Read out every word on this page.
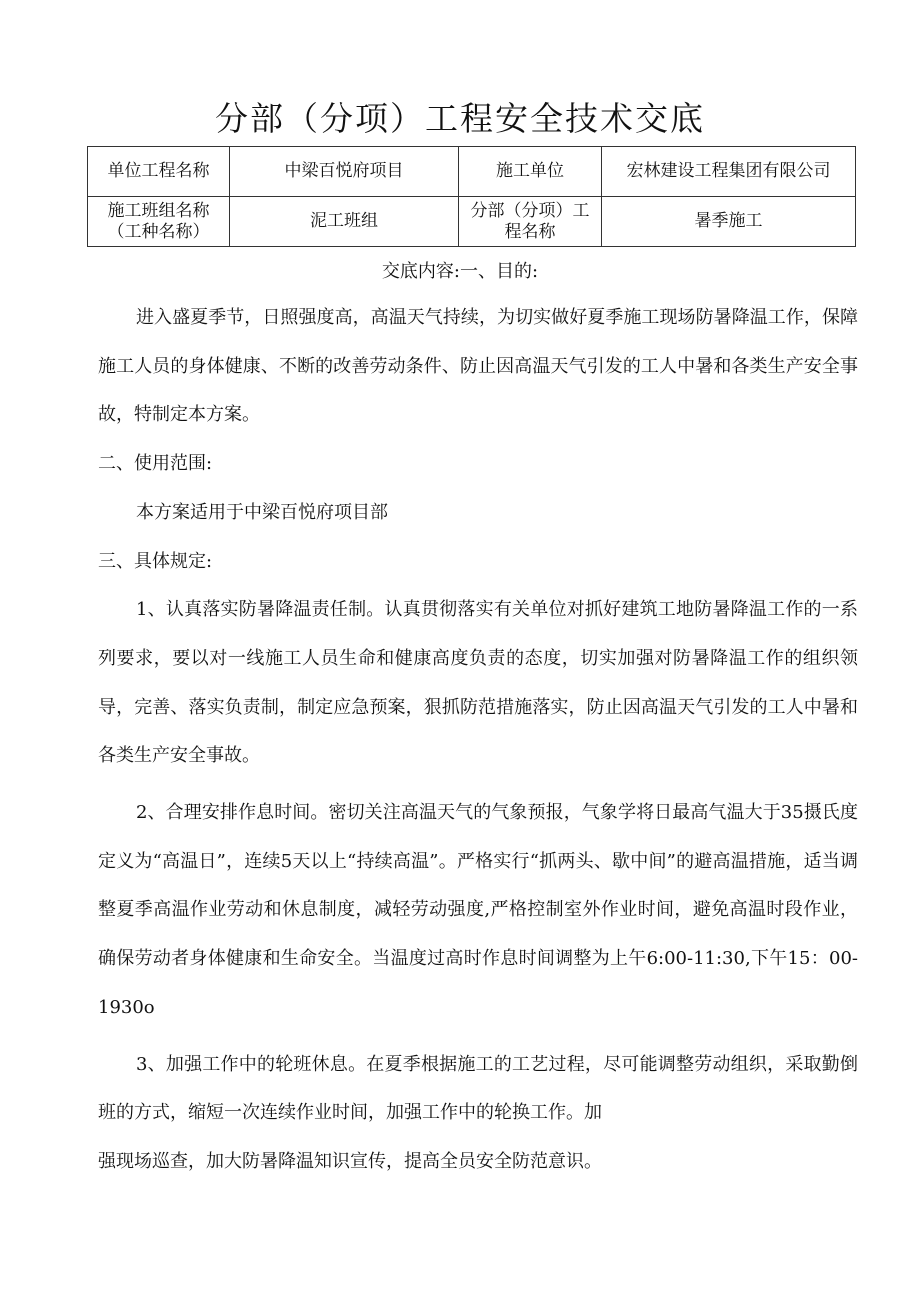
分部（分项）工程安全技术交底
单位工程名称	中梁百悦府项目	施工单位	宏林建设工程集团有限公司
施工班组名称（工种名称）	泥工班组	分部（分项）工程名称	暑季施工
交底内容:一、目的:

进入盛夏季节，日照强度高，高温天气持续，为切实做好夏季施工现场防暑降温工作，保障施工人员的身体健康、不断的改善劳动条件、防止因高温天气引发的工人中暑和各类生产安全事故，特制定本方案。

二、使用范围:

本方案适用于中梁百悦府项目部

三、具体规定:

1、认真落实防暑降温责任制。认真贯彻落实有关单位对抓好建筑工地防暑降温工作的一系列要求，要以对一线施工人员生命和健康高度负责的态度，切实加强对防暑降温工作的组织领导，完善、落实负责制，制定应急预案，狠抓防范措施落实，防止因高温天气引发的工人中暑和各类生产安全事故。

2、合理安排作息时间。密切关注高温天气的气象预报，气象学将日最高气温大于35摄氏度定义为“高温日”，连续5天以上“持续高温”。严格实行“抓两头、歇中间”的避高温措施，适当调整夏季高温作业劳动和休息制度，减轻劳动强度,严格控制室外作业时间，避免高温时段作业，确保劳动者身体健康和生命安全。当温度过高时作息时间调整为上午6:00-11:30,下午15：00-1930o

3、加强工作中的轮班休息。在夏季根据施工的工艺过程，尽可能调整劳动组织，采取勤倒班的方式，缩短一次连续作业时间，加强工作中的轮换工作。加

强现场巡查，加大防暑降温知识宣传，提高全员安全防范意识。
